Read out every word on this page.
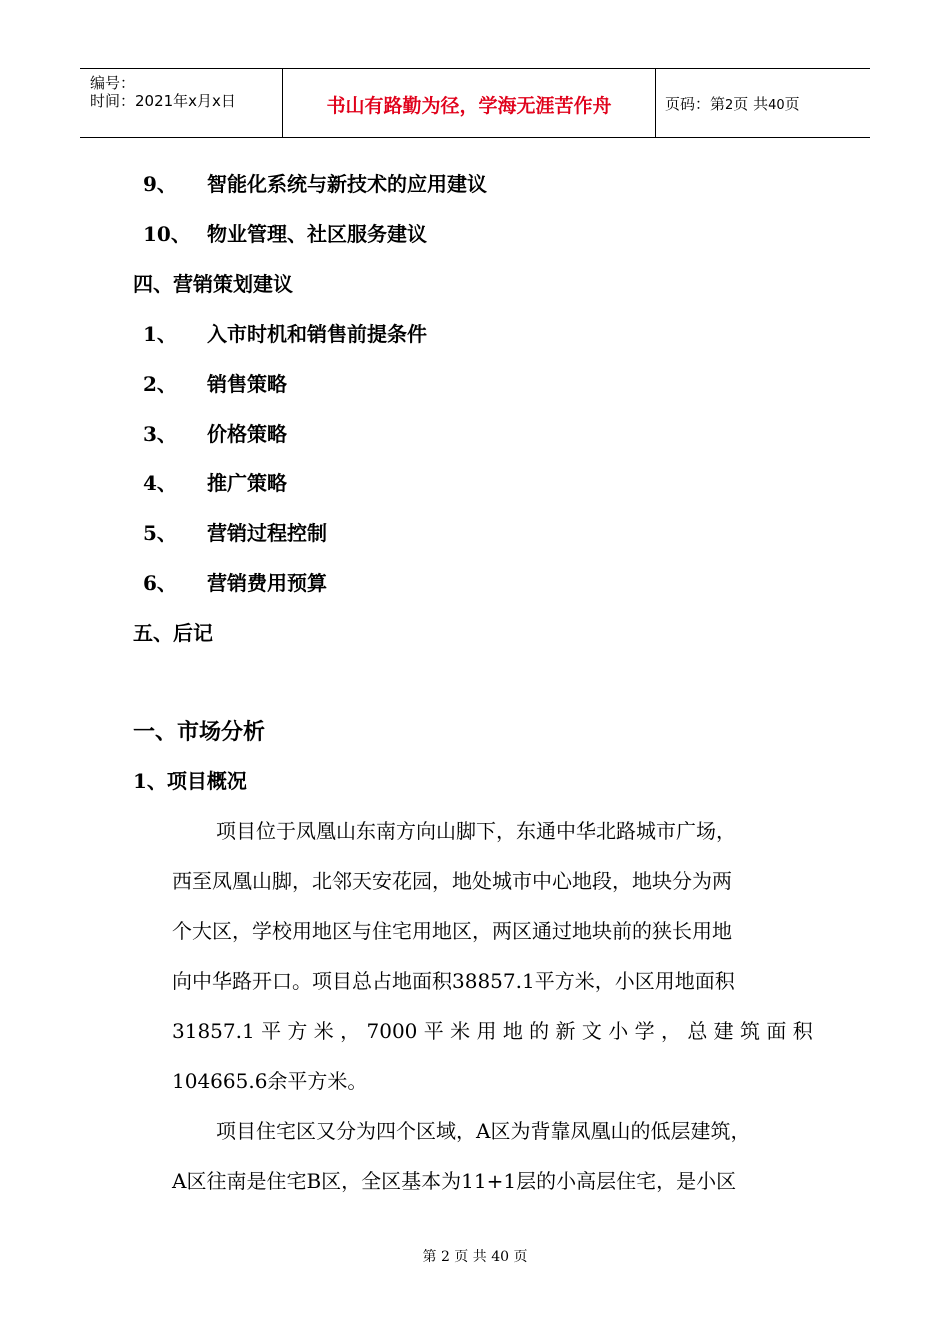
编号：
时间：2021年x月x日	书山有路勤为径，学海无涯苦作舟	页码：第2页 共40页
9、 智能化系统与新技术的应用建议
10、 物业管理、社区服务建议
四、营销策划建议
1、 入市时机和销售前提条件
2、 销售策略
3、 价格策略
4、 推广策略
5、 营销过程控制
6、 营销费用预算
五、后记
一、市场分析
1、项目概况
项目位于凤凰山东南方向山脚下，东通中华北路城市广场，
西至凤凰山脚，北邻天安花园，地处城市中心地段，地块分为两
个大区，学校用地区与住宅用地区，两区通过地块前的狭长用地
向中华路开口。项目总占地面积38857.1平方米，小区用地面积
31857.1 平 方 米 ， 7000 平 米 用 地 的 新 文 小 学 ， 总 建 筑 面 积
104665.6余平方米。
项目住宅区又分为四个区域，A区为背靠凤凰山的低层建筑，
A区往南是住宅B区，全区基本为11+1层的小高层住宅，是小区
第 2 页 共 40 页
